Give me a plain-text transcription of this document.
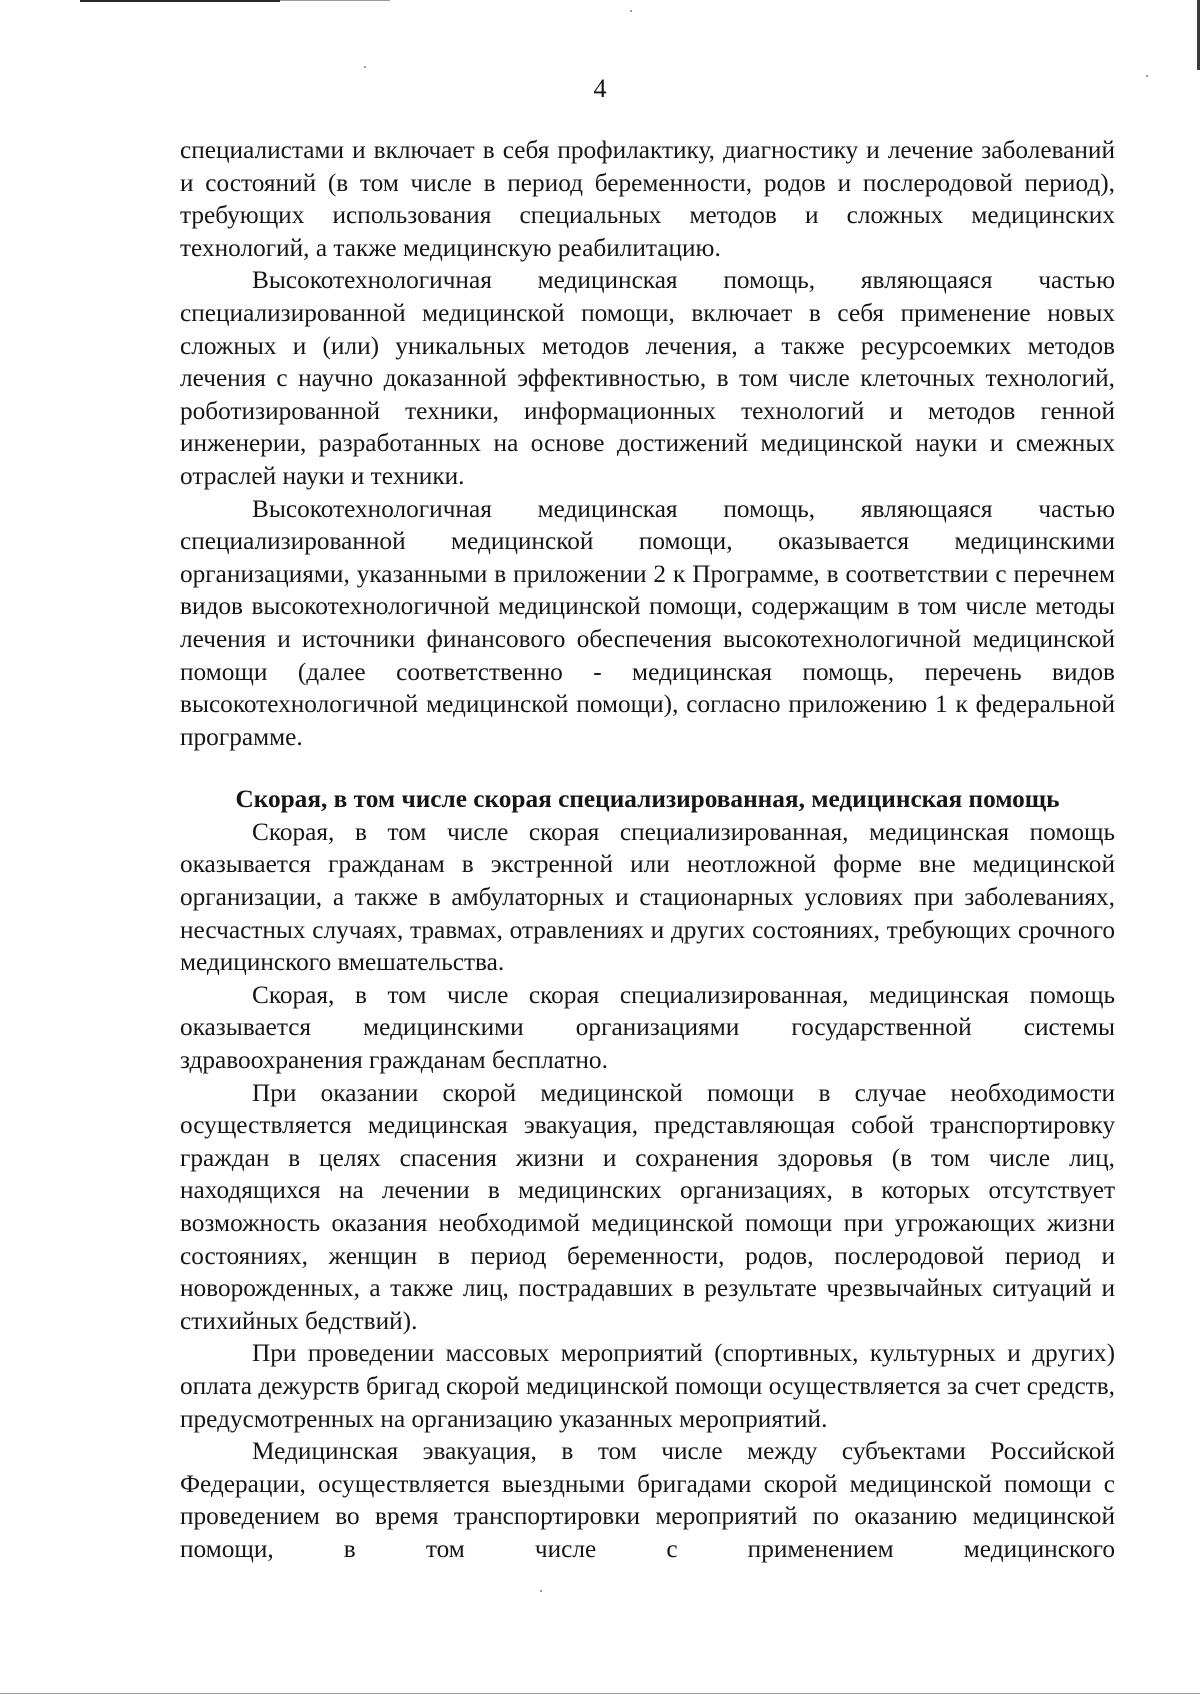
4

специалистами и включает в себя профилактику, диагностику и лечение заболеваний и состояний (в том числе в период беременности, родов и послеродовой период), требующих использования специальных методов и сложных медицинских технологий, а также медицинскую реабилитацию.

Высокотехнологичная медицинская помощь, являющаяся частью специализированной медицинской помощи, включает в себя применение новых сложных и (или) уникальных методов лечения, а также ресурсоемких методов лечения с научно доказанной эффективностью, в том числе клеточных технологий, роботизированной техники, информационных технологий и методов генной инженерии, разработанных на основе достижений медицинской науки и смежных отраслей науки и техники.

Высокотехнологичная медицинская помощь, являющаяся частью специализированной медицинской помощи, оказывается медицинскими организациями, указанными в приложении 2 к Программе, в соответствии с перечнем видов высокотехнологичной медицинской помощи, содержащим в том числе методы лечения и источники финансового обеспечения высокотехнологичной медицинской помощи (далее соответственно - медицинская помощь, перечень видов высокотехнологичной медицинской помощи), согласно приложению 1 к федеральной программе.

Скорая, в том числе скорая специализированная, медицинская помощь

Скорая, в том числе скорая специализированная, медицинская помощь оказывается гражданам в экстренной или неотложной форме вне медицинской организации, а также в амбулаторных и стационарных условиях при заболеваниях, несчастных случаях, травмах, отравлениях и других состояниях, требующих срочного медицинского вмешательства.

Скорая, в том числе скорая специализированная, медицинская помощь оказывается медицинскими организациями государственной системы здравоохранения гражданам бесплатно.

При оказании скорой медицинской помощи в случае необходимости осуществляется медицинская эвакуация, представляющая собой транспортировку граждан в целях спасения жизни и сохранения здоровья (в том числе лиц, находящихся на лечении в медицинских организациях, в которых отсутствует возможность оказания необходимой медицинской помощи при угрожающих жизни состояниях, женщин в период беременности, родов, послеродовой период и новорожденных, а также лиц, пострадавших в результате чрезвычайных ситуаций и стихийных бедствий).

При проведении массовых мероприятий (спортивных, культурных и других) оплата дежурств бригад скорой медицинской помощи осуществляется за счет средств, предусмотренных на организацию указанных мероприятий.

Медицинская эвакуация, в том числе между субъектами Российской Федерации, осуществляется выездными бригадами скорой медицинской помощи с проведением во время транспортировки мероприятий по оказанию медицинской помощи, в том числе с применением медицинского
